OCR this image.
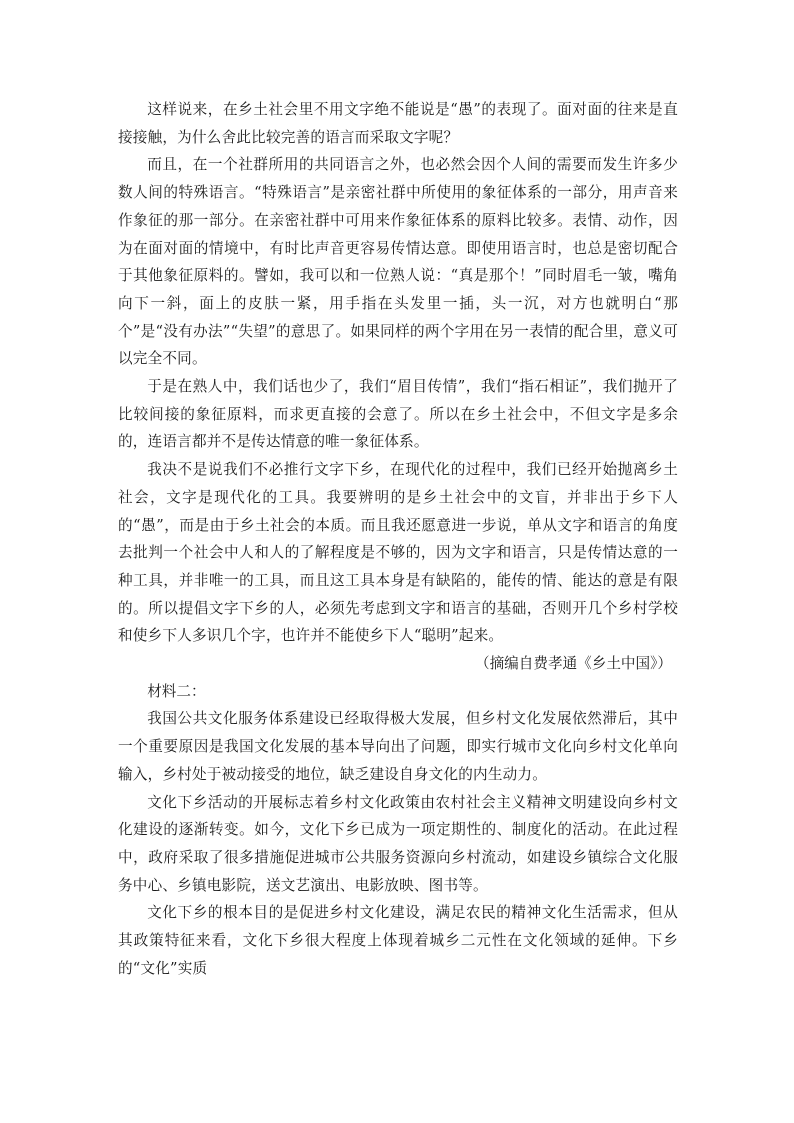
这样说来，在乡土社会里不用文字绝不能说是“愚”的表现了。面对面的往来是直接接触，为什么舍此比较完善的语言而采取文字呢？

而且，在一个社群所用的共同语言之外，也必然会因个人间的需要而发生许多少数人间的特殊语言。“特殊语言”是亲密社群中所使用的象征体系的一部分，用声音来作象征的那一部分。在亲密社群中可用来作象征体系的原料比较多。表情、动作，因为在面对面的情境中，有时比声音更容易传情达意。即使用语言时，也总是密切配合于其他象征原料的。譬如，我可以和一位熟人说：“真是那个！”同时眉毛一皱，嘴角向下一斜，面上的皮肤一紧，用手指在头发里一插，头一沉，对方也就明白“那个”是“没有办法”“失望”的意思了。如果同样的两个字用在另一表情的配合里，意义可以完全不同。

于是在熟人中，我们话也少了，我们“眉目传情”，我们“指石相证”，我们抛开了比较间接的象征原料，而求更直接的会意了。所以在乡土社会中，不但文字是多余的，连语言都并不是传达情意的唯一象征体系。

我决不是说我们不必推行文字下乡，在现代化的过程中，我们已经开始抛离乡土社会，文字是现代化的工具。我要辨明的是乡土社会中的文盲，并非出于乡下人的“愚”，而是由于乡土社会的本质。而且我还愿意进一步说，单从文字和语言的角度去批判一个社会中人和人的了解程度是不够的，因为文字和语言，只是传情达意的一种工具，并非唯一的工具，而且这工具本身是有缺陷的，能传的情、能达的意是有限的。所以提倡文字下乡的人，必须先考虑到文字和语言的基础，否则开几个乡村学校和使乡下人多识几个字，也许并不能使乡下人“聪明”起来。

（摘编自费孝通《乡土中国》）

材料二：

我国公共文化服务体系建设已经取得极大发展，但乡村文化发展依然滞后，其中一个重要原因是我国文化发展的基本导向出了问题，即实行城市文化向乡村文化单向输入，乡村处于被动接受的地位，缺乏建设自身文化的内生动力。

文化下乡活动的开展标志着乡村文化政策由农村社会主义精神文明建设向乡村文化建设的逐渐转变。如今，文化下乡已成为一项定期性的、制度化的活动。在此过程中，政府采取了很多措施促进城市公共服务资源向乡村流动，如建设乡镇综合文化服务中心、乡镇电影院，送文艺演出、电影放映、图书等。

文化下乡的根本目的是促进乡村文化建设，满足农民的精神文化生活需求，但从其政策特征来看，文化下乡很大程度上体现着城乡二元性在文化领域的延伸。下乡的“文化”实质
